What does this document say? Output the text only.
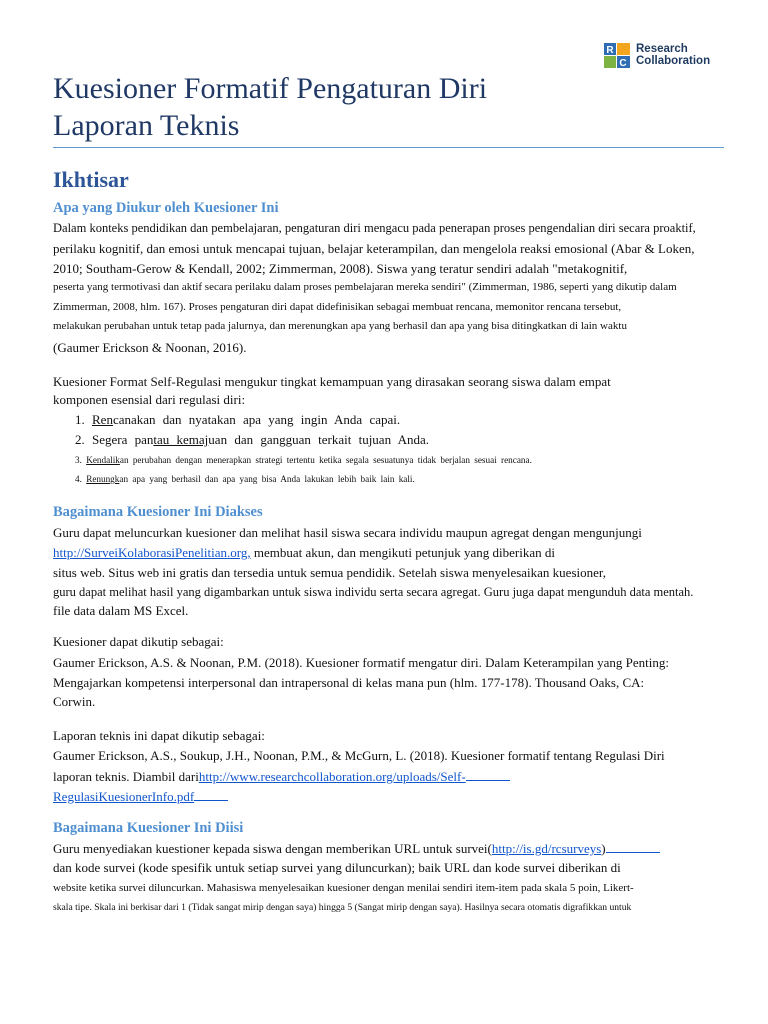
R
C
Research
Collaboration
Kuesioner Formatif Pengaturan Diri
Laporan Teknis
Ikhtisar
Apa yang Diukur oleh Kuesioner Ini
Dalam konteks pendidikan dan pembelajaran, pengaturan diri mengacu pada penerapan proses pengendalian diri secara proaktif,
perilaku kognitif, dan emosi untuk mencapai tujuan, belajar keterampilan, dan mengelola reaksi emosional (Abar & Loken,
2010; Southam-Gerow & Kendall, 2002; Zimmerman, 2008). Siswa yang teratur sendiri adalah "metakognitif,
peserta yang termotivasi dan aktif secara perilaku dalam proses pembelajaran mereka sendiri" (Zimmerman, 1986, seperti yang dikutip dalam
Zimmerman, 2008, hlm. 167). Proses pengaturan diri dapat didefinisikan sebagai membuat rencana, memonitor rencana tersebut,
melakukan perubahan untuk tetap pada jalurnya, dan merenungkan apa yang berhasil dan apa yang bisa ditingkatkan di lain waktu
(Gaumer Erickson & Noonan, 2016).
Kuesioner Format Self-Regulasi mengukur tingkat kemampuan yang dirasakan seorang siswa dalam empat
komponen esensial dari regulasi diri:
1. Rencanakan dan nyatakan apa yang ingin Anda capai.
2. Segera pantau kemajuan dan gangguan terkait tujuan Anda.
3. Kendalikan perubahan dengan menerapkan strategi tertentu ketika segala sesuatunya tidak berjalan sesuai rencana.
4. Renungkan apa yang berhasil dan apa yang bisa Anda lakukan lebih baik lain kali.
Bagaimana Kuesioner Ini Diakses
Guru dapat meluncurkan kuesioner dan melihat hasil siswa secara individu maupun agregat dengan mengunjungi
http://SurveiKolaborasiPenelitian.org, membuat akun, dan mengikuti petunjuk yang diberikan di
situs web. Situs web ini gratis dan tersedia untuk semua pendidik. Setelah siswa menyelesaikan kuesioner,
guru dapat melihat hasil yang digambarkan untuk siswa individu serta secara agregat. Guru juga dapat mengunduh data mentah.
file data dalam MS Excel.
Kuesioner dapat dikutip sebagai:
Gaumer Erickson, A.S. & Noonan, P.M. (2018). Kuesioner formatif mengatur diri. Dalam Keterampilan yang Penting:
Mengajarkan kompetensi interpersonal dan intrapersonal di kelas mana pun (hlm. 177-178). Thousand Oaks, CA:
Corwin.
Laporan teknis ini dapat dikutip sebagai:
Gaumer Erickson, A.S., Soukup, J.H., Noonan, P.M., & McGurn, L. (2018). Kuesioner formatif tentang Regulasi Diri
laporan teknis. Diambil darihttp://www.researchcollaboration.org/uploads/Self-
RegulasiKuesionerInfo.pdf
Bagaimana Kuesioner Ini Diisi
Guru menyediakan kuestioner kepada siswa dengan memberikan URL untuk survei(http://is.gd/rcsurveys)
dan kode survei (kode spesifik untuk setiap survei yang diluncurkan); baik URL dan kode survei diberikan di
website ketika survei diluncurkan. Mahasiswa menyelesaikan kuesioner dengan menilai sendiri item-item pada skala 5 poin, Likert-
skala tipe. Skala ini berkisar dari 1 (Tidak sangat mirip dengan saya) hingga 5 (Sangat mirip dengan saya). Hasilnya secara otomatis digrafikkan untuk
